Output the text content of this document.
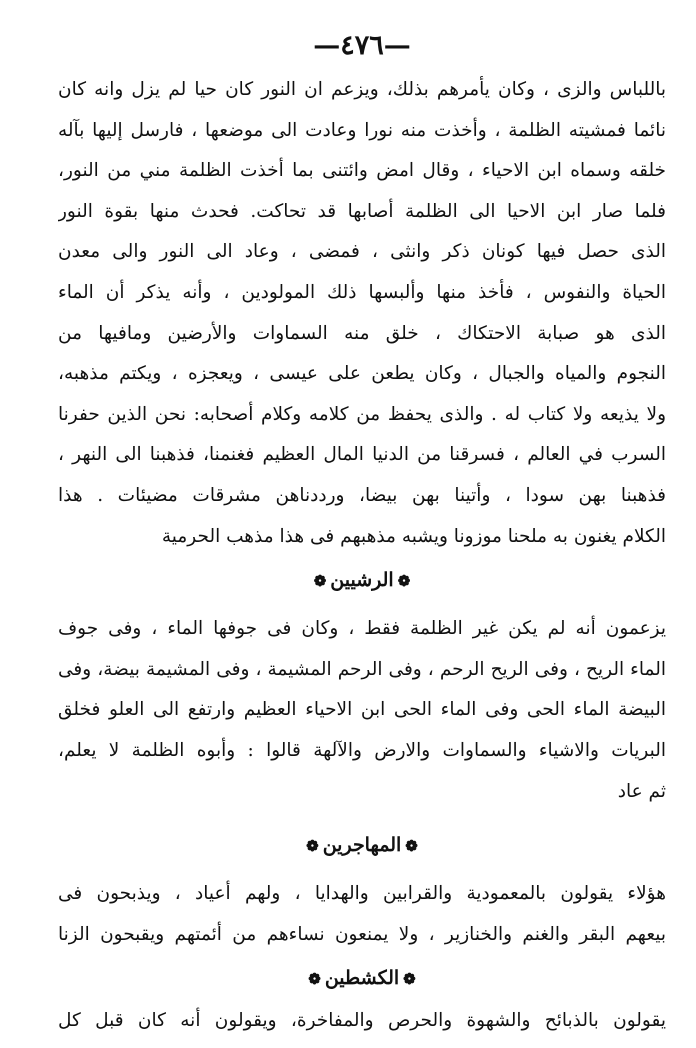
—٤٧٦—
باللباس والزى ، وكان يأمرهم بذلك، ويزعم ان النور كان حيا لم يزل وانه كان
نائما فمشيته الظلمة ، وأخذت منه نورا وعادت الى موضعها ، فارسل إليها بآله
خلقه وسماه ابن الاحياء ، وقال امض وائتنى بما أخذت الظلمة مني من النور،
فلما صار ابن الاحيا الى الظلمة أصابها قد تحاكت. فحدث منها بقوة النور
الذى حصل فيها كونان ذكر وانثى ، فمضى ، وعاد الى النور والى معدن
الحياة والنفوس ، فأخذ منها وألبسها ذلك المولودين ، وأنه يذكر أن الماء
الذى هو صبابة الاحتكاك ، خلق منه السماوات والأرضين ومافيها من
النجوم والمياه والجبال ، وكان يطعن على عيسى ، ويعجزه ، ويكتم مذهبه،
ولا يذيعه ولا كتاب له . والذى يحفظ من كلامه وكلام أصحابه: نحن الذين حفرنا
السرب في العالم ، فسرقنا من الدنيا المال العظيم فغنمنا، فذهبنا الى النهر ،
فذهبنا بهن سودا ، وأتينا بهن بيضا، ورددناهن مشرقات مضيئات . هذا
الكلام يغنون به ملحنا موزونا ويشبه مذهبهم فى هذا مذهب الحرمية
❁الرشيين❁
يزعمون أنه لم يكن غير الظلمة فقط ، وكان فى جوفها الماء ، وفى جوف
الماء الريح ، وفى الريح الرحم ، وفى الرحم المشيمة ، وفى المشيمة بيضة، وفى
البيضة الماء الحى وفى الماء الحى ابن الاحياء العظيم وارتفع الى العلو فخلق
البريات والاشياء والسماوات والارض والآلهة قالوا : وأبوه الظلمة لا يعلم،
ثم عاد
❁المهاجرين❁
هؤلاء يقولون بالمعمودية والقرابين والهدايا ، ولهم أعياد ، ويذبحون فى
بيعهم البقر والغنم والخنازير ، ولا يمنعون نساءهم من أئمتهم ويقبحون الزنا
❁الكشطين❁
يقولون بالذبائح والشهوة والحرص والمفاخرة، ويقولون أنه كان قبل كل
